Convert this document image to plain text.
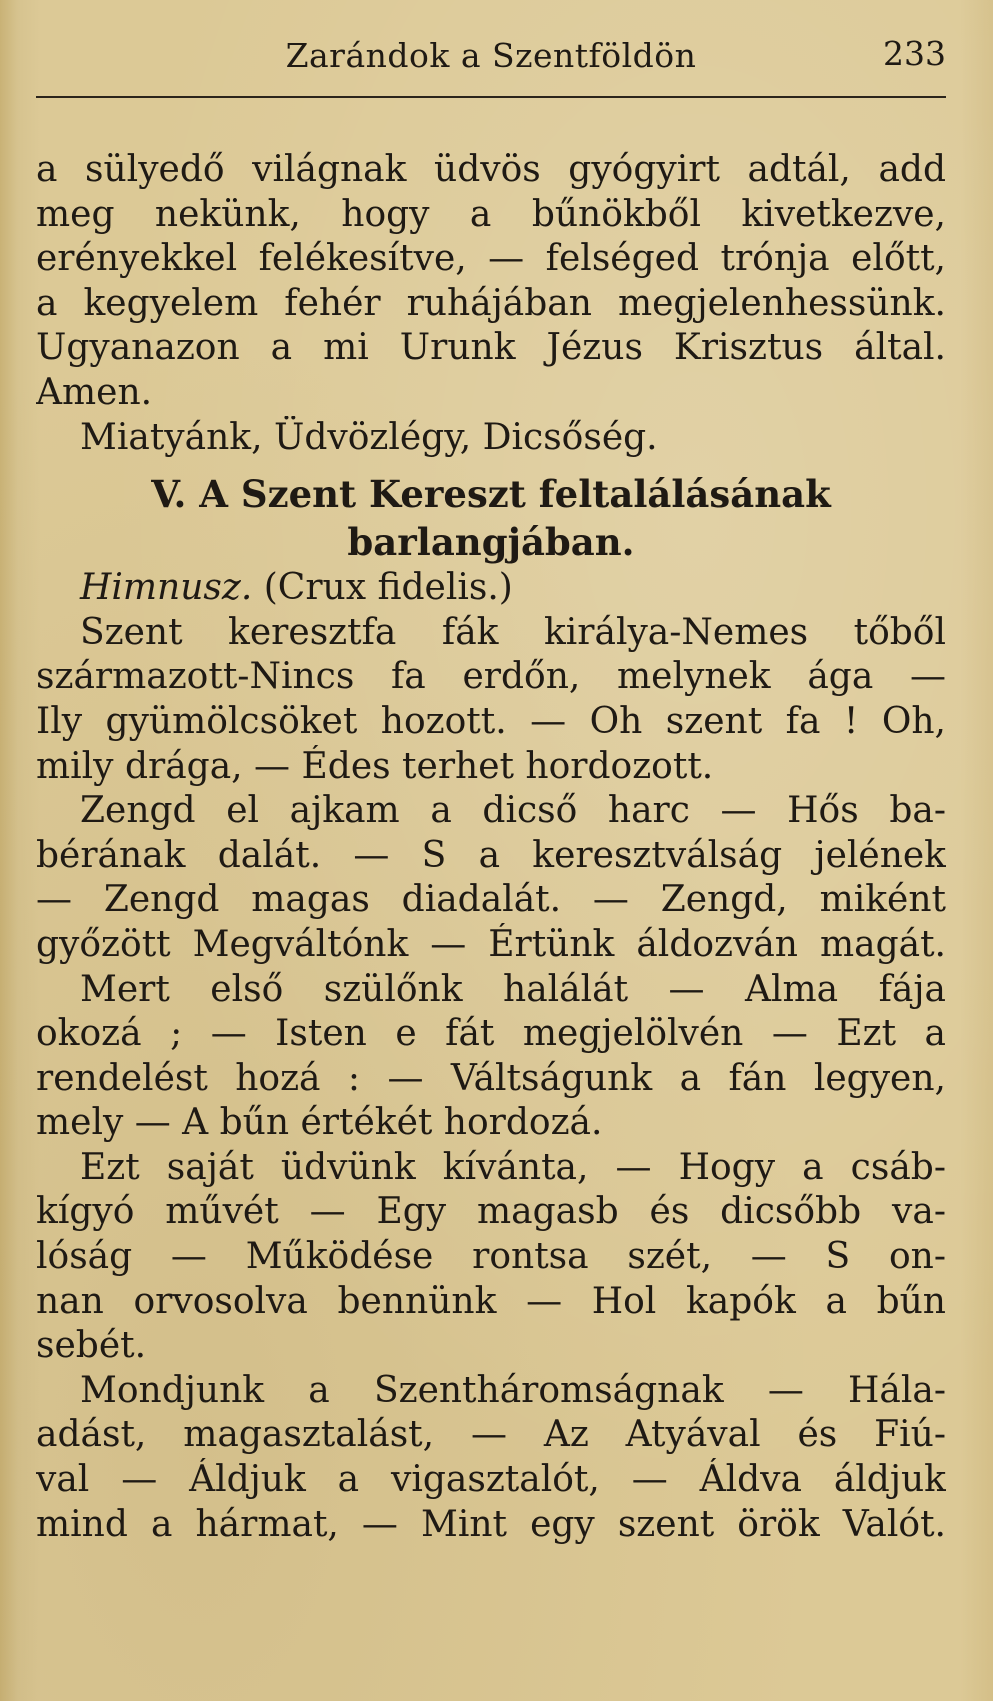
Zarándok a Szentföldön	233
a sülyedő világnak üdvös gyógyirt adtál, add
meg nekünk, hogy a bűnökből kivetkezve,
erényekkel felékesítve, — felséged trónja előtt,
a kegyelem fehér ruhájában megjelenhessünk.
Ugyanazon a mi Urunk Jézus Krisztus által.
Amen.
Miatyánk, Üdvözlégy, Dicsőség.
V. A Szent Kereszt feltalálásának
barlangjában.
Himnusz. (Crux fidelis.)
Szent keresztfa fák királya-Nemes tőből
származott-Nincs fa erdőn, melynek ága —
Ily gyümölcsöket hozott. — Oh szent fa ! Oh,
mily drága, — Édes terhet hordozott.
Zengd el ajkam a dicső harc — Hős ba-
bérának dalát. — S a keresztválság jelének
— Zengd magas diadalát. — Zengd, miként
győzött Megváltónk — Értünk áldozván magát.
Mert első szülőnk halálát — Alma fája
okozá ; — Isten e fát megjelölvén — Ezt a
rendelést hozá : — Váltságunk a fán legyen,
mely — A bűn értékét hordozá.
Ezt saját üdvünk kívánta, — Hogy a csáb-
kígyó művét — Egy magasb és dicsőbb va-
lóság — Működése rontsa szét, — S on-
nan orvosolva bennünk — Hol kapók a bűn
sebét.
Mondjunk a Szentháromságnak — Hála-
adást, magasztalást, — Az Atyával és Fiú-
val — Áldjuk a vigasztalót, — Áldva áldjuk
mind a hármat, — Mint egy szent örök Valót.
